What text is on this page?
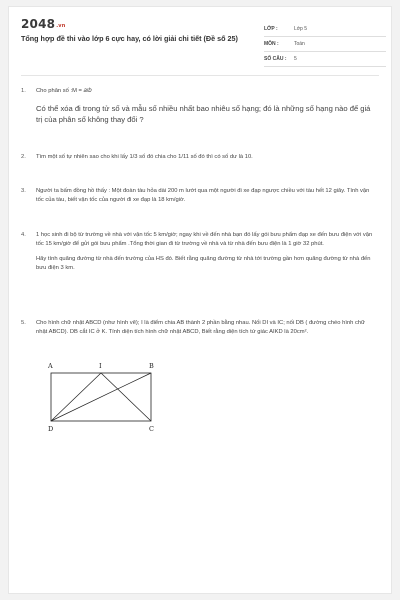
$2048^{.vn}$
Tổng hợp đề thi vào lớp 6 cực hay, có lời giải chi tiết (Đề số 25)
LỚP :	Lớp 5
MÔN :	Toán
SỐ CÂU :	5
1. Cho phân số :M = 𝑎/𝑏

Có thể xóa đi trong tử số và mẫu số nhiều nhất bao nhiêu số hạng; đó là những số hạng nào để giá trị của phân số không thay đổi ?

2. Tìm một số tự nhiên sao cho khi lấy 1/3 số đó chia cho 1/11 số đó thì có số dư là 10.

3. Người ta bấm đồng hồ thấy : Một đoàn tàu hỏa dài 200 m lướt qua một người đi xe đạp ngược chiều với tàu hết 12 giây. Tính vận tốc của tàu, biết vận tốc của người đi xe đạp là 18 km/giờ.

4. 1 học sinh đi bộ từ trường về nhà với vận tốc 5 km/giờ; ngay khi về đến nhà bạn đó lấy gói bưu phẩm đạp xe đến bưu điện với vận tốc 15 km/giờ để gửi gói bưu phẩm .Tổng thời gian đi từ trường về nhà và từ nhà đến bưu điện là 1 giờ 32 phút.

Hãy tính quãng đường từ nhà đến trường của HS đó. Biết rằng quãng đường từ nhà tới trường gần hơn quãng đường từ nhà đến bưu điện 3 km.

5. Cho hình chữ nhật ABCD (như hình vẽ); I là điểm chia AB thành 2 phần bằng nhau. Nối DI và IC; nối DB ( đường chéo hình chữ nhật ABCD). DB cắt IC ở K. Tính diện tích hình chữ nhật ABCD, Biết rằng diện tích tứ giác AIKD là 20cm².

A	I	B
D	C
